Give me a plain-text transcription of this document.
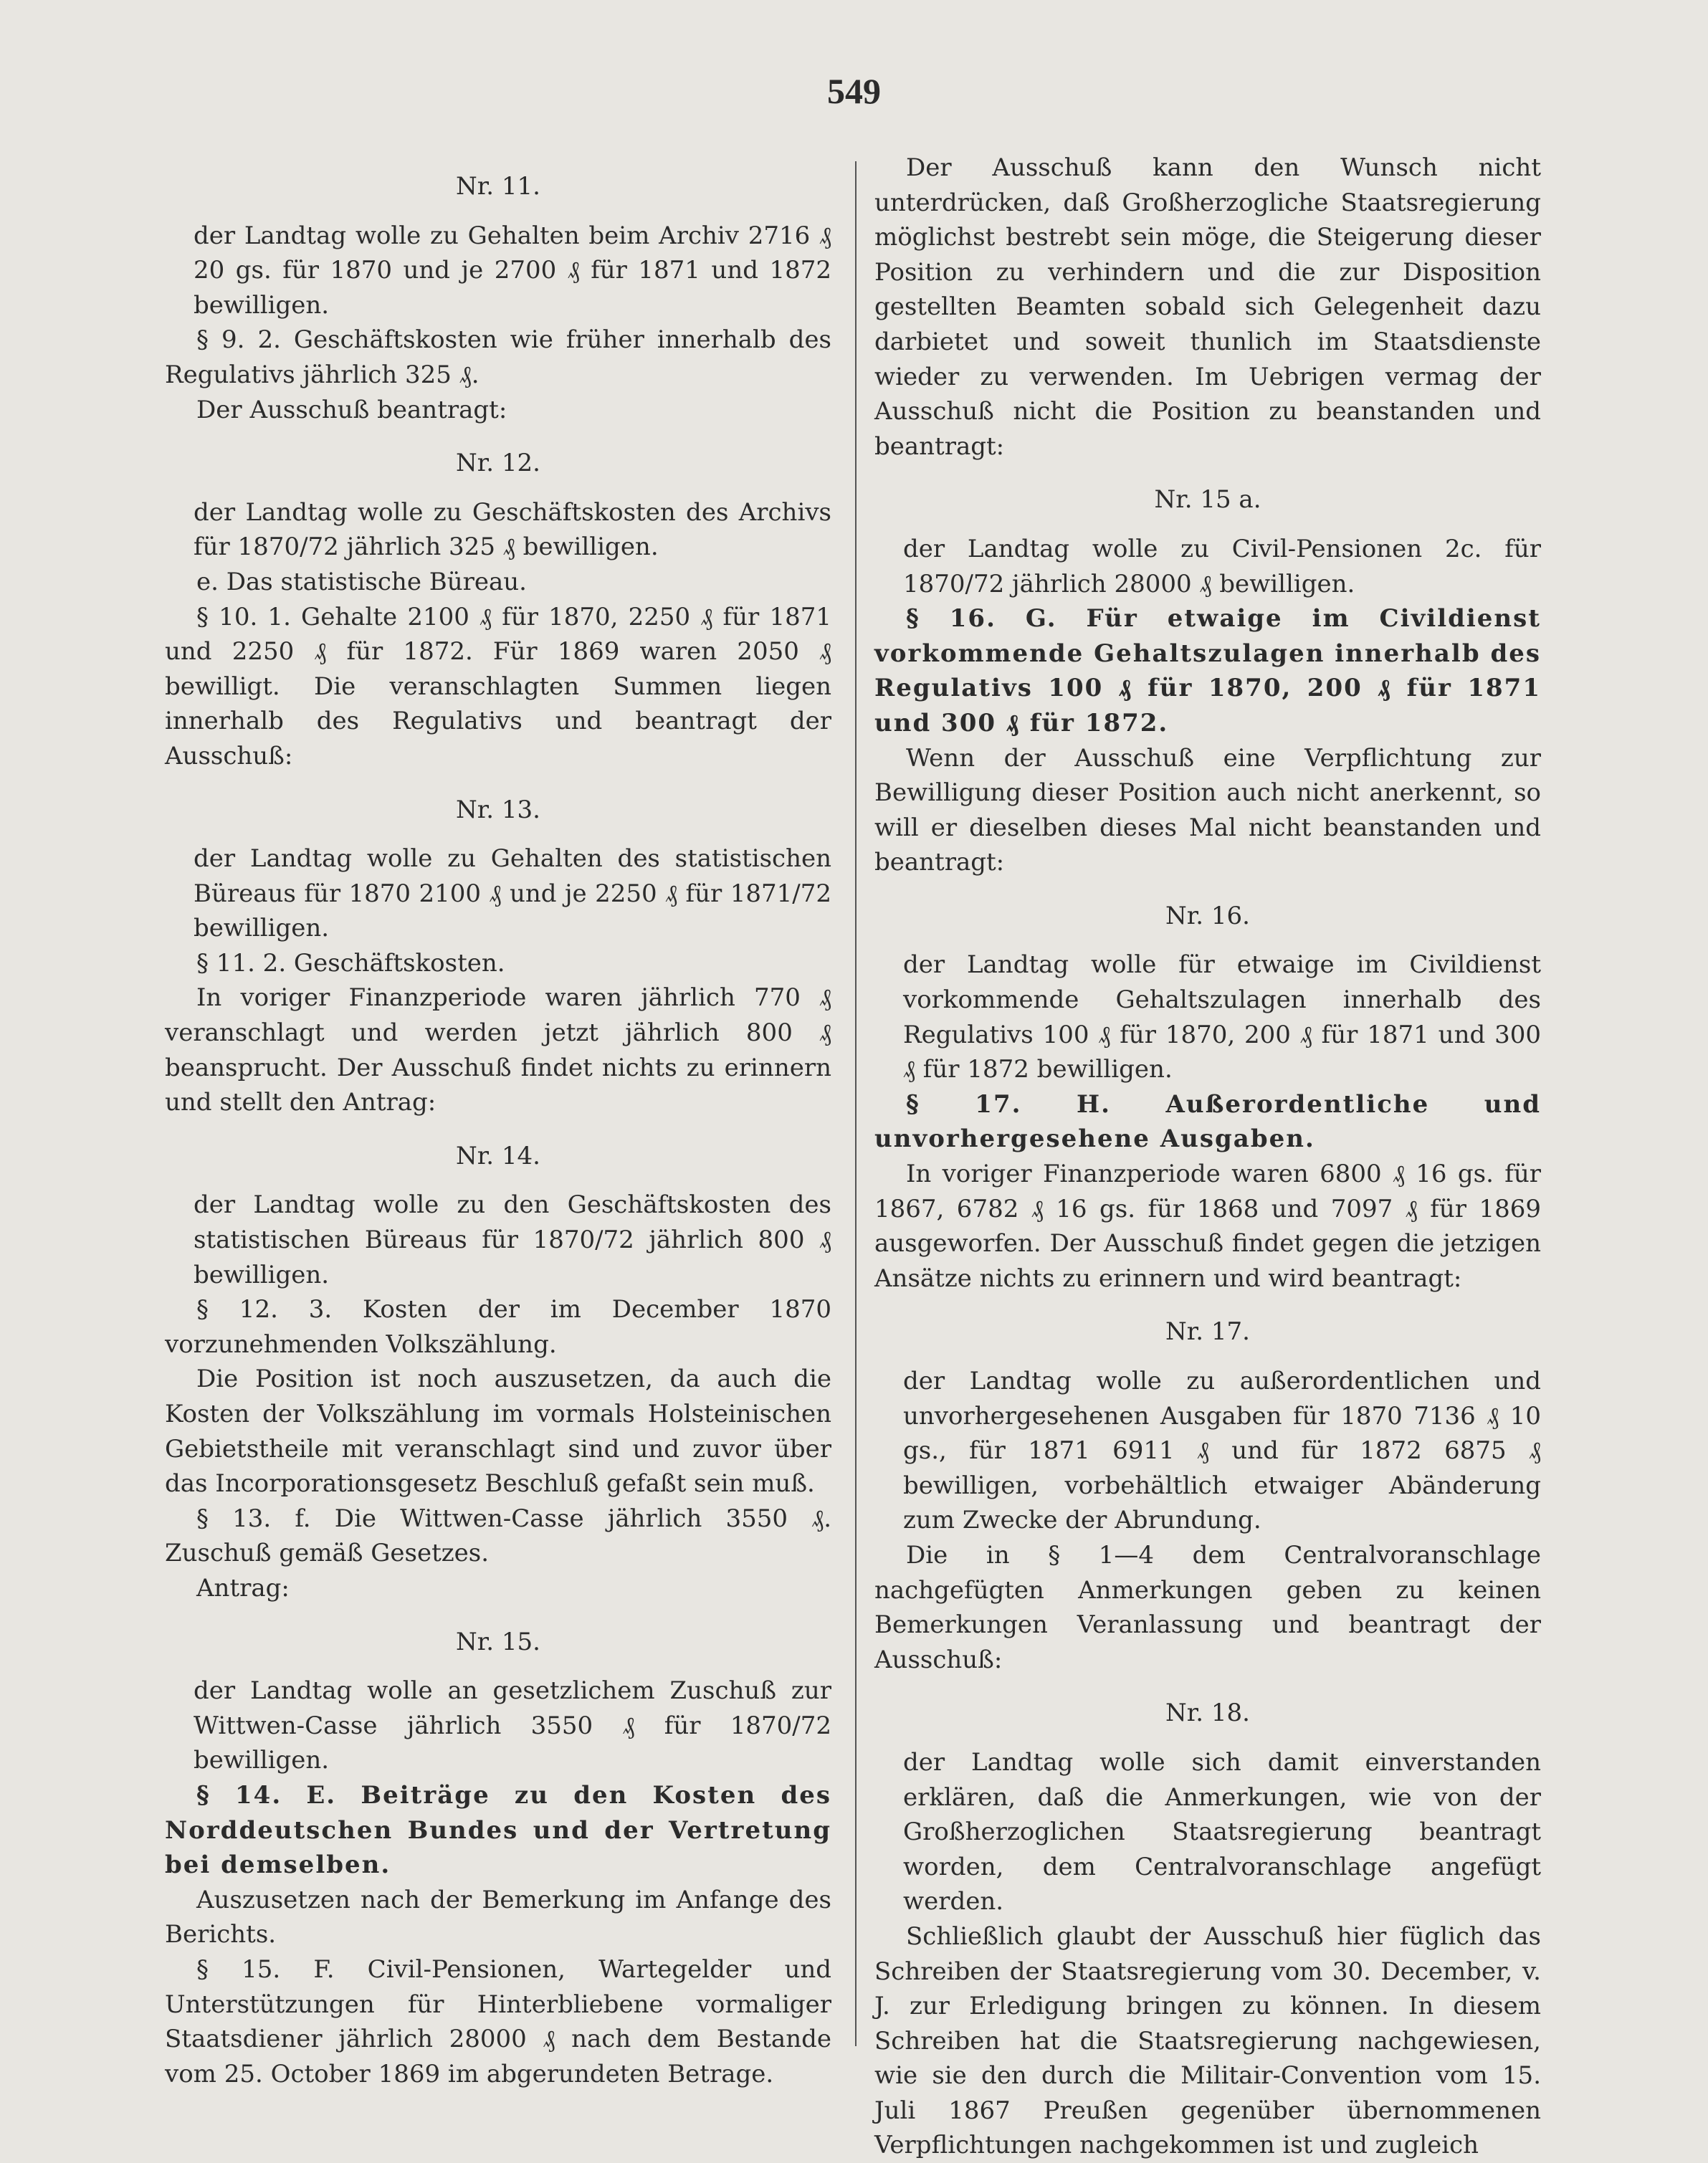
549

Nr. 11.

der Landtag wolle zu Gehalten beim Archiv 2716 ₰ 20 gs. für 1870 und je 2700 ₰ für 1871 und 1872 bewilligen.

§ 9. 2. Geschäftskosten wie früher innerhalb des Regulativs jährlich 325 ₰.

Der Ausschuß beantragt:

Nr. 12.

der Landtag wolle zu Geschäftskosten des Archivs für 1870/72 jährlich 325 ₰ bewilligen.

e. Das statistische Büreau.

§ 10. 1. Gehalte 2100 ₰ für 1870, 2250 ₰ für 1871 und 2250 ₰ für 1872. Für 1869 waren 2050 ₰ bewilligt. Die veranschlagten Summen liegen innerhalb des Regulativs und beantragt der Ausschuß:

Nr. 13.

der Landtag wolle zu Gehalten des statistischen Büreaus für 1870 2100 ₰ und je 2250 ₰ für 1871/72 bewilligen.

§ 11. 2. Geschäftskosten.

In voriger Finanzperiode waren jährlich 770 ₰ veranschlagt und werden jetzt jährlich 800 ₰ beansprucht. Der Ausschuß findet nichts zu erinnern und stellt den Antrag:

Nr. 14.

der Landtag wolle zu den Geschäftskosten des statistischen Büreaus für 1870/72 jährlich 800 ₰ bewilligen.

§ 12. 3. Kosten der im December 1870 vorzunehmenden Volkszählung.

Die Position ist noch auszusetzen, da auch die Kosten der Volkszählung im vormals Holsteinischen Gebietstheile mit veranschlagt sind und zuvor über das Incorporationsgesetz Beschluß gefaßt sein muß.

§ 13. f. Die Wittwen-Casse jährlich 3550 ₰. Zuschuß gemäß Gesetzes.

Antrag:

Nr. 15.

der Landtag wolle an gesetzlichem Zuschuß zur Wittwen-Casse jährlich 3550 ₰ für 1870/72 bewilligen.

§ 14. E. Beiträge zu den Kosten des Norddeutschen Bundes und der Vertretung bei demselben.

Auszusetzen nach der Bemerkung im Anfange des Berichts.

§ 15. F. Civil-Pensionen, Wartegelder und Unterstützungen für Hinterbliebene vormaliger Staatsdiener jährlich 28000 ₰ nach dem Bestande vom 25. October 1869 im abgerundeten Betrage.

Der Ausschuß kann den Wunsch nicht unterdrücken, daß Großherzogliche Staatsregierung möglichst bestrebt sein möge, die Steigerung dieser Position zu verhindern und die zur Disposition gestellten Beamten sobald sich Gelegenheit dazu darbietet und soweit thunlich im Staatsdienste wieder zu verwenden. Im Uebrigen vermag der Ausschuß nicht die Position zu beanstanden und beantragt:

Nr. 15 a.

der Landtag wolle zu Civil-Pensionen 2c. für 1870/72 jährlich 28000 ₰ bewilligen.

§ 16. G. Für etwaige im Civildienst vorkommende Gehaltszulagen innerhalb des Regulativs 100 ₰ für 1870, 200 ₰ für 1871 und 300 ₰ für 1872.

Wenn der Ausschuß eine Verpflichtung zur Bewilligung dieser Position auch nicht anerkennt, so will er dieselben dieses Mal nicht beanstanden und beantragt:

Nr. 16.

der Landtag wolle für etwaige im Civildienst vorkommende Gehaltszulagen innerhalb des Regulativs 100 ₰ für 1870, 200 ₰ für 1871 und 300 ₰ für 1872 bewilligen.

§ 17. H. Außerordentliche und unvorhergesehene Ausgaben.

In voriger Finanzperiode waren 6800 ₰ 16 gs. für 1867, 6782 ₰ 16 gs. für 1868 und 7097 ₰ für 1869 ausgeworfen. Der Ausschuß findet gegen die jetzigen Ansätze nichts zu erinnern und wird beantragt:

Nr. 17.

der Landtag wolle zu außerordentlichen und unvorhergesehenen Ausgaben für 1870 7136 ₰ 10 gs., für 1871 6911 ₰ und für 1872 6875 ₰ bewilligen, vorbehältlich etwaiger Abänderung zum Zwecke der Abrundung.

Die in § 1—4 dem Centralvoranschlage nachgefügten Anmerkungen geben zu keinen Bemerkungen Veranlassung und beantragt der Ausschuß:

Nr. 18.

der Landtag wolle sich damit einverstanden erklären, daß die Anmerkungen, wie von der Großherzoglichen Staatsregierung beantragt worden, dem Centralvoranschlage angefügt werden.

Schließlich glaubt der Ausschuß hier füglich das Schreiben der Staatsregierung vom 30. December, v. J. zur Erledigung bringen zu können. In diesem Schreiben hat die Staatsregierung nachgewiesen, wie sie den durch die Militair-Convention vom 15. Juli 1867 Preußen gegenüber übernommenen Verpflichtungen nachgekommen ist und zugleich
